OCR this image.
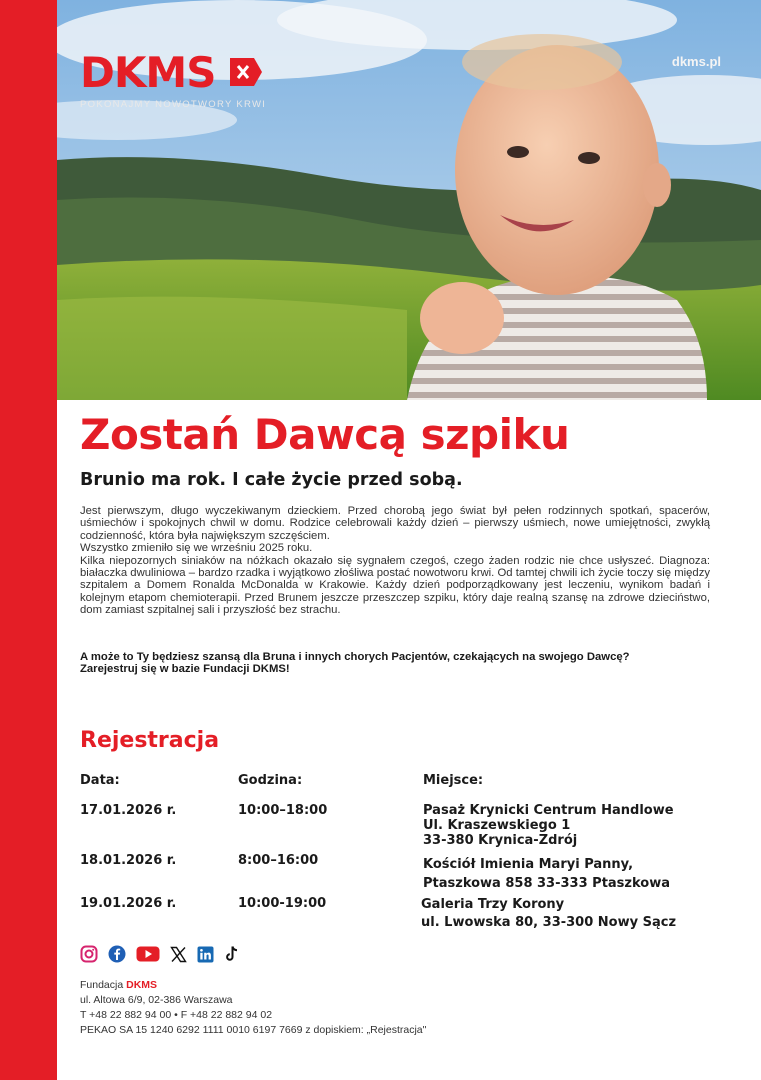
DKMS
POKONAJMY NOWOTWORY KRWI
dkms.pl
Zostań Dawcą szpiku
Brunio ma rok. I całe życie przed sobą.

Jest pierwszym, długo wyczekiwanym dzieckiem. Przed chorobą jego świat był pełen rodzinnych spotkań, spacerów, uśmiechów i spokojnych chwil w domu. Rodzice celebrowali każdy dzień – pierwszy uśmiech, nowe umiejętności, zwykłą codzienność, która była największym szczęściem.

Wszystko zmieniło się we wrześniu 2025 roku.

Kilka niepozornych siniaków na nóżkach okazało się sygnałem czegoś, czego żaden rodzic nie chce usłyszeć. Diagnoza: białaczka dwuliniowa – bardzo rzadka i wyjątkowo złośliwa postać nowotworu krwi. Od tamtej chwili ich życie toczy się między szpitalem a Domem Ronalda McDonalda w Krakowie. Każdy dzień podporządkowany jest leczeniu, wynikom badań i kolejnym etapom chemioterapii. Przed Brunem jeszcze przeszczep szpiku, który daje realną szansę na zdrowe dzieciństwo, dom zamiast szpitalnej sali i przyszłość bez strachu.

A może to Ty będziesz szansą dla Bruna i innych chorych Pacjentów, czekających na swojego Dawcę?

Zarejestruj się w bazie Fundacji DKMS!

Rejestracja
Data:	Godzina:	Miejsce:
17.01.2026 r.	10:00–18:00	Pasaż Krynicki Centrum Handlowe
Ul. Kraszewskiego 1
33-380 Krynica-Zdrój
18.01.2026 r.	8:00–16:00	Kościół Imienia Maryi Panny,
Ptaszkowa 858 33-333 Ptaszkowa
19.01.2026 r.	10:00-19:00	Galeria Trzy Korony
ul. Lwowska 80, 33-300 Nowy Sącz
Fundacja DKMS
ul. Altowa 6/9, 02-386 Warszawa
T +48 22 882 94 00 • F +48 22 882 94 02
PEKAO SA 15 1240 6292 1111 0010 6197 7669 z dopiskiem: „Rejestracja"
